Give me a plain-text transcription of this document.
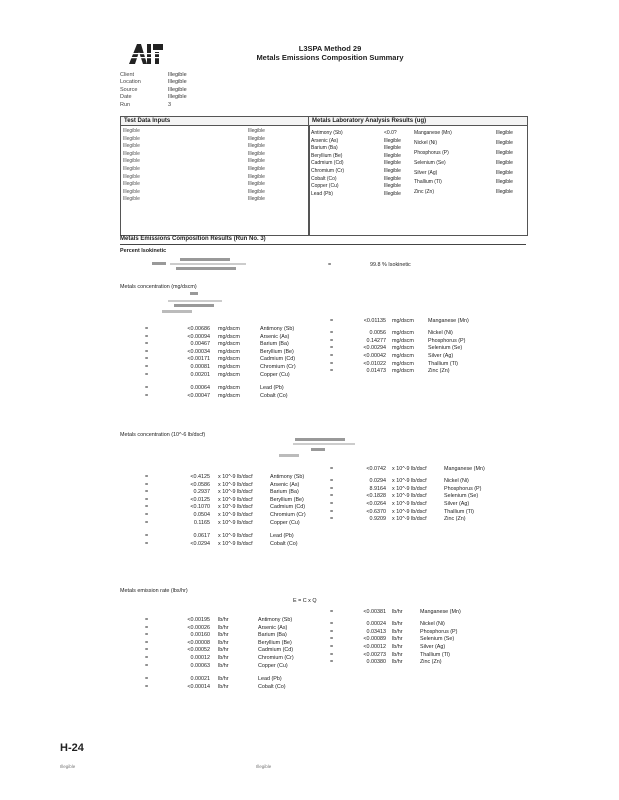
L3SPA Method 29
Metals Emissions Composition Summary
Client	Illegible
Location	Illegible
Source	Illegible
Date	Illegible
Run	3
Test Data Inputs
Illegible	Illegible
Illegible	Illegible
Illegible	Illegible
Illegible	Illegible
Illegible	Illegible
Illegible	Illegible
Illegible	Illegible
Illegible	Illegible
Illegible	Illegible
Illegible	Illegible
Metals Laboratory Analysis Results (ug)
Antimony (Sb)	<0.0?
Arsenic (As)	Illegible
Barium (Ba)	Illegible
Beryllium (Be)	Illegible
Cadmium (Cd)	Illegible
Chromium (Cr)	Illegible
Cobalt (Co)	Illegible
Copper (Cu)	Illegible
Lead (Pb)	Illegible
Manganese (Mn)	Illegible
Nickel (Ni)	Illegible
Phosphorus (P)	Illegible
Selenium (Se)	Illegible
Silver (Ag)	Illegible
Thallium (Tl)	Illegible
Zinc (Zn)	Illegible
Metals Emissions Composition Results (Run No. 3)
Percent Isokinetic
=	99.8 % Isokinetic
Metals concentration (mg/dscm)
=	<0.00686 mg/dscm	Antimony (Sb)
=	<0.00094 mg/dscm	Arsenic (As)
=	0.00467 mg/dscm	Barium (Ba)
=	<0.00034 mg/dscm	Beryllium (Be)
=	<0.00171 mg/dscm	Cadmium (Cd)
=	0.00081 mg/dscm	Chromium (Cr)
=	0.00201 mg/dscm	Copper (Cu)
=	0.00064 mg/dscm	Lead (Pb)
=	<0.00047 mg/dscm	Cobalt (Co)
=	<0.01135 mg/dscm	Manganese (Mn)
=	0.0056 mg/dscm	Nickel (Ni)
=	0.14277 mg/dscm	Phosphorus (P)
=	<0.00294 mg/dscm	Selenium (Se)
=	<0.00042 mg/dscm	Silver (Ag)
=	<0.01022 mg/dscm	Thallium (Tl)
=	0.01473 mg/dscm	Zinc (Zn)
Metals concentration (10^-6 lb/dscf)
=	<0.4125 x 10^-9 lb/dscf	Antimony (Sb)
=	<0.0586 x 10^-9 lb/dscf	Arsenic (As)
=	0.2937 x 10^-9 lb/dscf	Barium (Ba)
=	<0.0125 x 10^-9 lb/dscf	Beryllium (Be)
=	<0.1070 x 10^-9 lb/dscf	Cadmium (Cd)
=	0.0504 x 10^-9 lb/dscf	Chromium (Cr)
=	0.1165 x 10^-9 lb/dscf	Copper (Cu)
=	0.0617 x 10^-9 lb/dscf	Lead (Pb)
=	<0.0294 x 10^-9 lb/dscf	Cobalt (Co)
=	<0.0742 x 10^-9 lb/dscf	Manganese (Mn)
=	0.0294 x 10^-9 lb/dscf	Nickel (Ni)
=	8.9164 x 10^-9 lb/dscf	Phosphorus (P)
=	<0.1828 x 10^-9 lb/dscf	Selenium (Se)
=	<0.0264 x 10^-9 lb/dscf	Silver (Ag)
=	<0.6370 x 10^-9 lb/dscf	Thallium (Tl)
=	0.9209 x 10^-9 lb/dscf	Zinc (Zn)
Metals emission rate (lbs/hr)
E = C x Q
=	<0.00195 lb/hr	Antimony (Sb)
=	<0.00026 lb/hr	Arsenic (As)
=	0.00160 lb/hr	Barium (Ba)
=	<0.00008 lb/hr	Beryllium (Be)
=	<0.00052 lb/hr	Cadmium (Cd)
=	0.00012 lb/hr	Chromium (Cr)
=	0.00063 lb/hr	Copper (Cu)
=	0.00021 lb/hr	Lead (Pb)
=	<0.00014 lb/hr	Cobalt (Co)
=	<0.00381 lb/hr	Manganese (Mn)
=	0.00024 lb/hr	Nickel (Ni)
=	0.03413 lb/hr	Phosphorus (P)
=	<0.00089 lb/hr	Selenium (Se)
=	<0.00012 lb/hr	Silver (Ag)
=	<0.00273 lb/hr	Thallium (Tl)
=	0.00380 lb/hr	Zinc (Zn)
H-24
Illegible	Illegible
